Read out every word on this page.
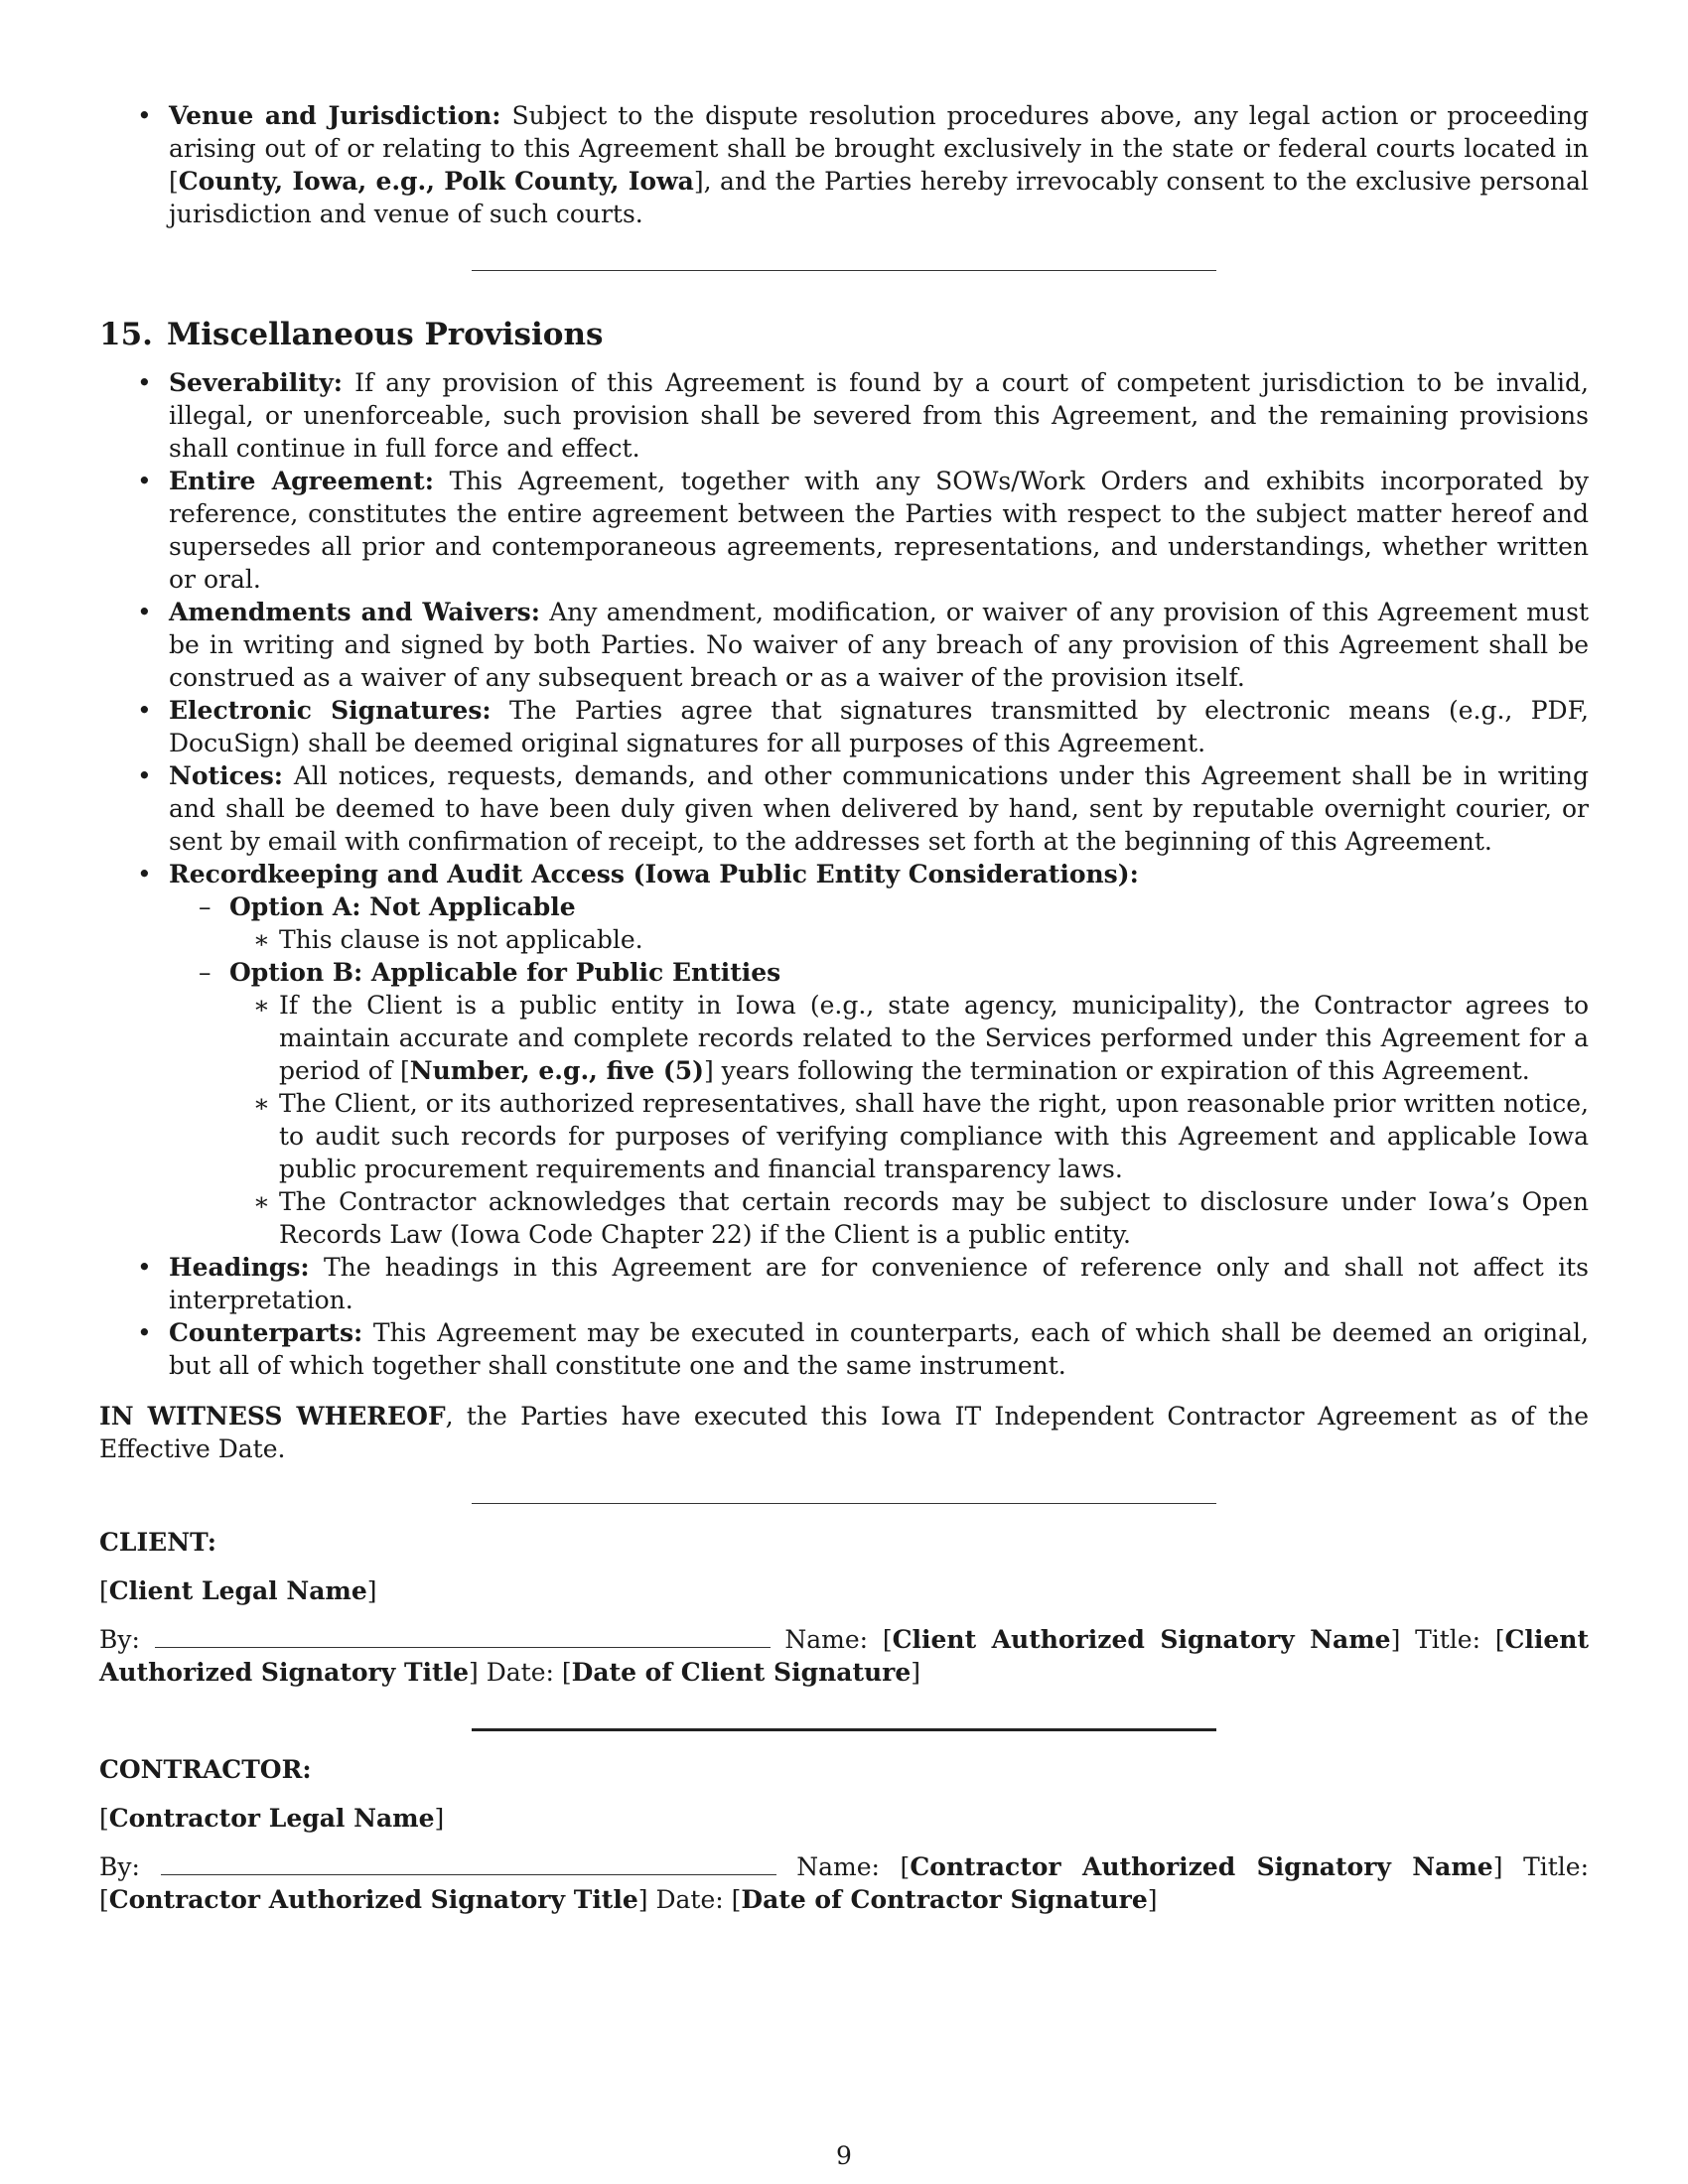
• Venue and Jurisdiction: Subject to the dispute resolution procedures above, any legal action or proceeding arising out of or relating to this Agreement shall be brought exclusively in the state or federal courts located in [County, Iowa, e.g., Polk County, Iowa], and the Parties hereby irrevocably consent to the exclusive personal jurisdiction and venue of such courts.
15. Miscellaneous Provisions
• Severability: If any provision of this Agreement is found by a court of competent jurisdiction to be invalid, illegal, or unenforceable, such provision shall be severed from this Agreement, and the remaining provisions shall continue in full force and effect.
• Entire Agreement: This Agreement, together with any SOWs/Work Orders and exhibits incorporated by reference, constitutes the entire agreement between the Parties with respect to the subject matter hereof and supersedes all prior and contemporaneous agreements, representations, and understandings, whether written or oral.
• Amendments and Waivers: Any amendment, modification, or waiver of any provision of this Agreement must be in writing and signed by both Parties. No waiver of any breach of any provision of this Agreement shall be construed as a waiver of any subsequent breach or as a waiver of the provision itself.
• Electronic Signatures: The Parties agree that signatures transmitted by electronic means (e.g., PDF, DocuSign) shall be deemed original signatures for all purposes of this Agreement.
• Notices: All notices, requests, demands, and other communications under this Agreement shall be in writing and shall be deemed to have been duly given when delivered by hand, sent by reputable overnight courier, or sent by email with confirmation of receipt, to the addresses set forth at the beginning of this Agreement.
• Recordkeeping and Audit Access (Iowa Public Entity Considerations):
– Option A: Not Applicable
∗ This clause is not applicable.
– Option B: Applicable for Public Entities
∗ If the Client is a public entity in Iowa (e.g., state agency, municipality), the Contractor agrees to maintain accurate and complete records related to the Services performed under this Agreement for a period of [Number, e.g., five (5)] years following the termination or expiration of this Agreement.
∗ The Client, or its authorized representatives, shall have the right, upon reasonable prior written notice, to audit such records for purposes of verifying compliance with this Agreement and applicable Iowa public procurement requirements and financial transparency laws.
∗ The Contractor acknowledges that certain records may be subject to disclosure under Iowa’s Open Records Law (Iowa Code Chapter 22) if the Client is a public entity.
• Headings: The headings in this Agreement are for convenience of reference only and shall not affect its interpretation.
• Counterparts: This Agreement may be executed in counterparts, each of which shall be deemed an original, but all of which together shall constitute one and the same instrument.

IN WITNESS WHEREOF, the Parties have executed this Iowa IT Independent Contractor Agreement as of the Effective Date.

CLIENT:

[Client Legal Name]

By:	Name: [Client Authorized Signatory Name] Title: [Client Authorized Signatory Title] Date: [Date of Client Signature]

CONTRACTOR:

[Contractor Legal Name]

By:	Name: [Contractor Authorized Signatory Name] Title: [Contractor Authorized Signatory Title] Date: [Date of Contractor Signature]

9
